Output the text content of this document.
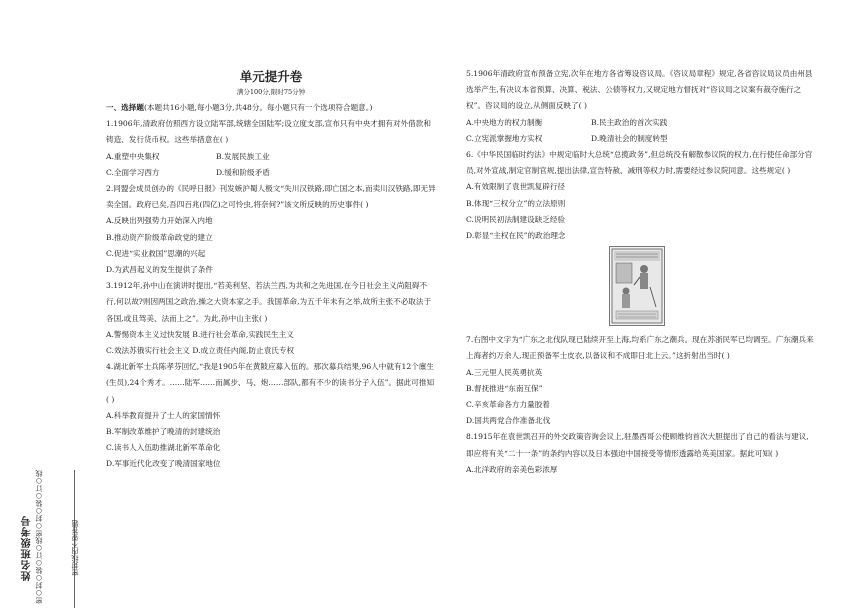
姓名班级考号 密○封○装○订○线密○封○装○订○线	密封线内不要答题
单元提升卷
满分100分,限时75分钟
一、选择题(本题共16小题,每小题3分,共48分。每小题只有一个选项符合题意。)

1.1906年,清政府仿照西方设立陆军部,统辖全国陆军;设立度支部,宣布只有中央才拥有对外借款和铸造、发行货币权。这些举措意在( )

A.重塑中央集权	B.发展民族工业
C.全面学习西方	D.缓和阶级矛盾

2.同盟会成员创办的《民呼日报》刊发嫉沪蜀人极文“失川汉铁路,即亡国之本,而卖川汉铁路,即无异卖全国。政府已矣,吾四百兆(四亿)之可怜虫,将奈何?”该文所反映的历史事件( )

A.反映出列强势力开始深入内地
B.推动资产阶级革命政党的建立
C.促进“实业救国”思潮的兴起
D.为武昌起义的发生提供了条件

3.1912年,孙中山在演讲时提出,“若美利坚、若法兰西,为共和之先进国,在今日社会主义尚阻碍不行,何以故?则因两国之政治,操之大资本家之手。我国革命,为五千年未有之举,故所主张不必取法于各国,或且驾美、法而上之”。为此,孙中山主张( )

A.警惕资本主义过快发展 B.进行社会革命,实践民生主义
C.效法苏俄实行社会主义 D.成立责任内阁,防止袁氏专权

4.湖北新军士兵陈孝芬回忆,“我是1905年在黄陂应募入伍的。那次募兵结果,96人中就有12个廪生(生员),24个秀才。……陆军……而属步、马、炮……部队,都有不少的读书分子入伍”。据此可推知( )

A.科举教育提升了士人的家国情怀
B.军制改革维护了晚清的封建统治
C.读书人入伍助推湖北新军革命化
D.军事近代化改变了晚清国家地位

5.1906年清政府宣布预备立宪,次年在地方各省筹设咨议局。《咨议局章程》规定,各省咨议局议员由州县选举产生,有决议本省预算、决算、税法、公债等权力,又规定地方督抚对“咨议局之议案有裁夺施行之权”。咨议局的设立,从侧面反映了( )

A.中央地方的权力制衡	B.民主政治的首次实践
C.立宪派掌握地方实权	D.晚清社会的制度转型

6.《中华民国临时约法》中规定临时大总统“总揽政务”,但总统没有解散参议院的权力,在行使任命部分官员,对外宣战,制定官制官规,提出法律,宣告特赦、减刑等权力时,需要经过参议院同意。这些规定( )

A.有效限制了袁世凯复辟行径
B.体现“三权分立”的立法原则
C.说明民初法制建设缺乏经验
D.彰显“主权在民”的政治理念

7.右图中文字为“广东之北伐队现已陆续开至上海,均系广东之潮兵。现在苏浙民军已均调至。广东潮兵来上海者约万余人,现正预备军士皮衣,以备议和不成即日北上云。”这折射出当时( )

A.三元里人民英勇抗英
B.督抚推进“东南互保”
C.辛亥革命各方力量胶着
D.国共两党合作准备北伐

8.1915年在袁世凯召开的外交政策咨询会议上,驻墨西哥公使顾维钧首次大胆提出了自己的看法与建议,即应将有关“二十一条”的条约内容以及日本强迫中国接受等情形透露给英美国家。据此可知( )

A.北洋政府的亲美色彩浓厚
